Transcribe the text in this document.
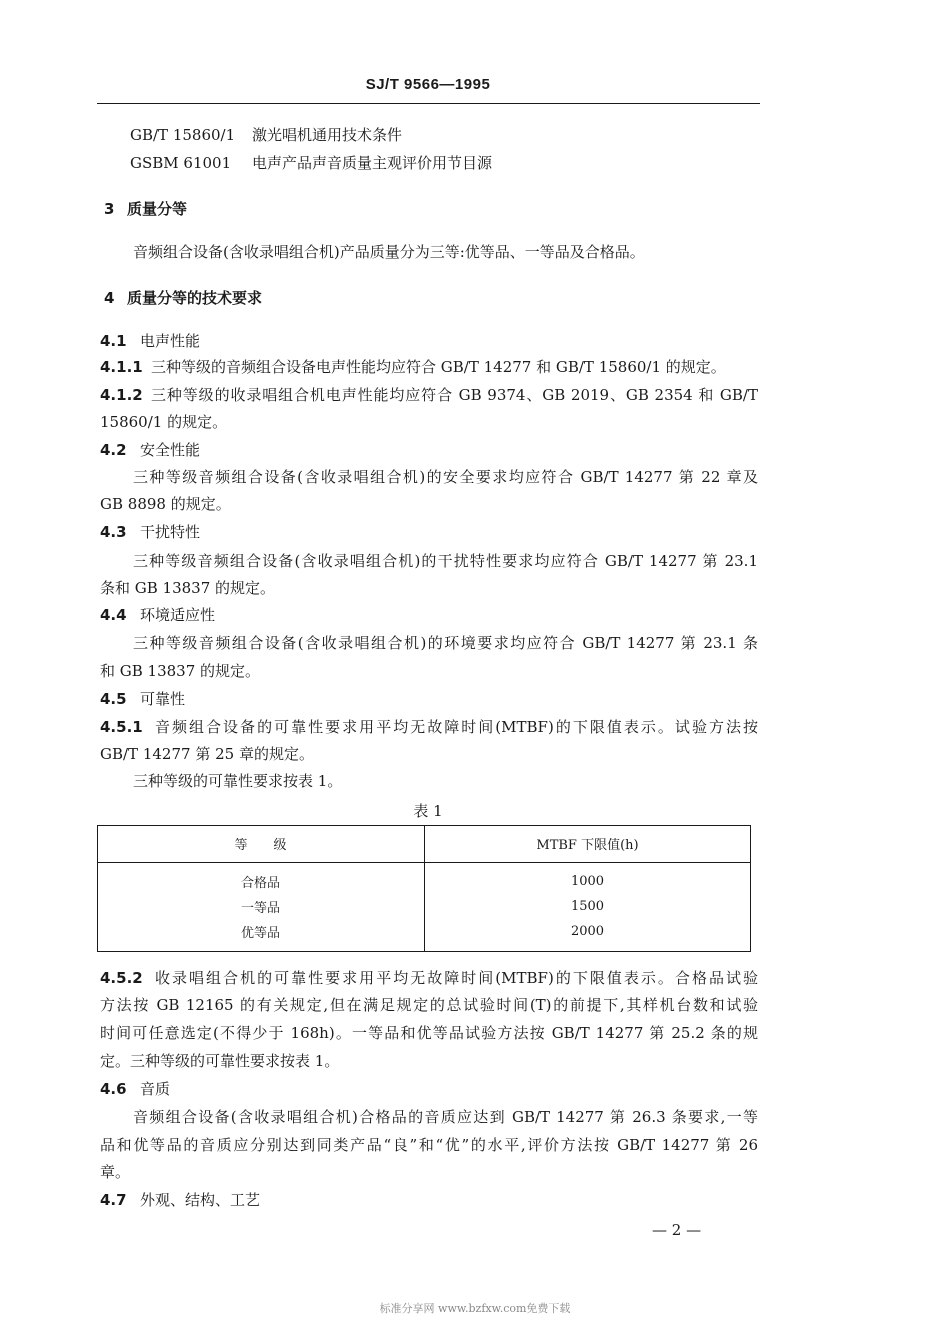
SJ/T 9566—1995
GB/T 15860/1 激光唱机通用技术条件
GSBM 61001 电声产品声音质量主观评价用节目源
3 质量分等
音频组合设备(含收录唱组合机)产品质量分为三等:优等品、一等品及合格品。
4 质量分等的技术要求
4.1 电声性能
4.1.1 三种等级的音频组合设备电声性能均应符合 GB/T 14277 和 GB/T 15860/1 的规定。
4.1.2 三种等级的收录唱组合机电声性能均应符合 GB 9374、GB 2019、GB 2354 和 GB/T
15860/1 的规定。
4.2 安全性能
三种等级音频组合设备(含收录唱组合机)的安全要求均应符合 GB/T 14277 第 22 章及
GB 8898 的规定。
4.3 干扰特性
三种等级音频组合设备(含收录唱组合机)的干扰特性要求均应符合 GB/T 14277 第 23.1
条和 GB 13837 的规定。
4.4 环境适应性
三种等级音频组合设备(含收录唱组合机)的环境要求均应符合 GB/T 14277 第 23.1 条
和 GB 13837 的规定。
4.5 可靠性
4.5.1 音频组合设备的可靠性要求用平均无故障时间(MTBF)的下限值表示。试验方法按
GB/T 14277 第 25 章的规定。
三种等级的可靠性要求按表 1。
表 1
等　　级	MTBF 下限值(h)
合格品	1000
一等品	1500
优等品	2000
4.5.2 收录唱组合机的可靠性要求用平均无故障时间(MTBF)的下限值表示。合格品试验
方法按 GB 12165 的有关规定,但在满足规定的总试验时间(T)的前提下,其样机台数和试验
时间可任意选定(不得少于 168h)。一等品和优等品试验方法按 GB/T 14277 第 25.2 条的规
定。三种等级的可靠性要求按表 1。
4.6 音质
音频组合设备(含收录唱组合机)合格品的音质应达到 GB/T 14277 第 26.3 条要求,一等
品和优等品的音质应分别达到同类产品“良”和“优”的水平,评价方法按 GB/T 14277 第 26
章。
4.7 外观、结构、工艺
— 2 —
标准分享网 www.bzfxw.com免费下载
